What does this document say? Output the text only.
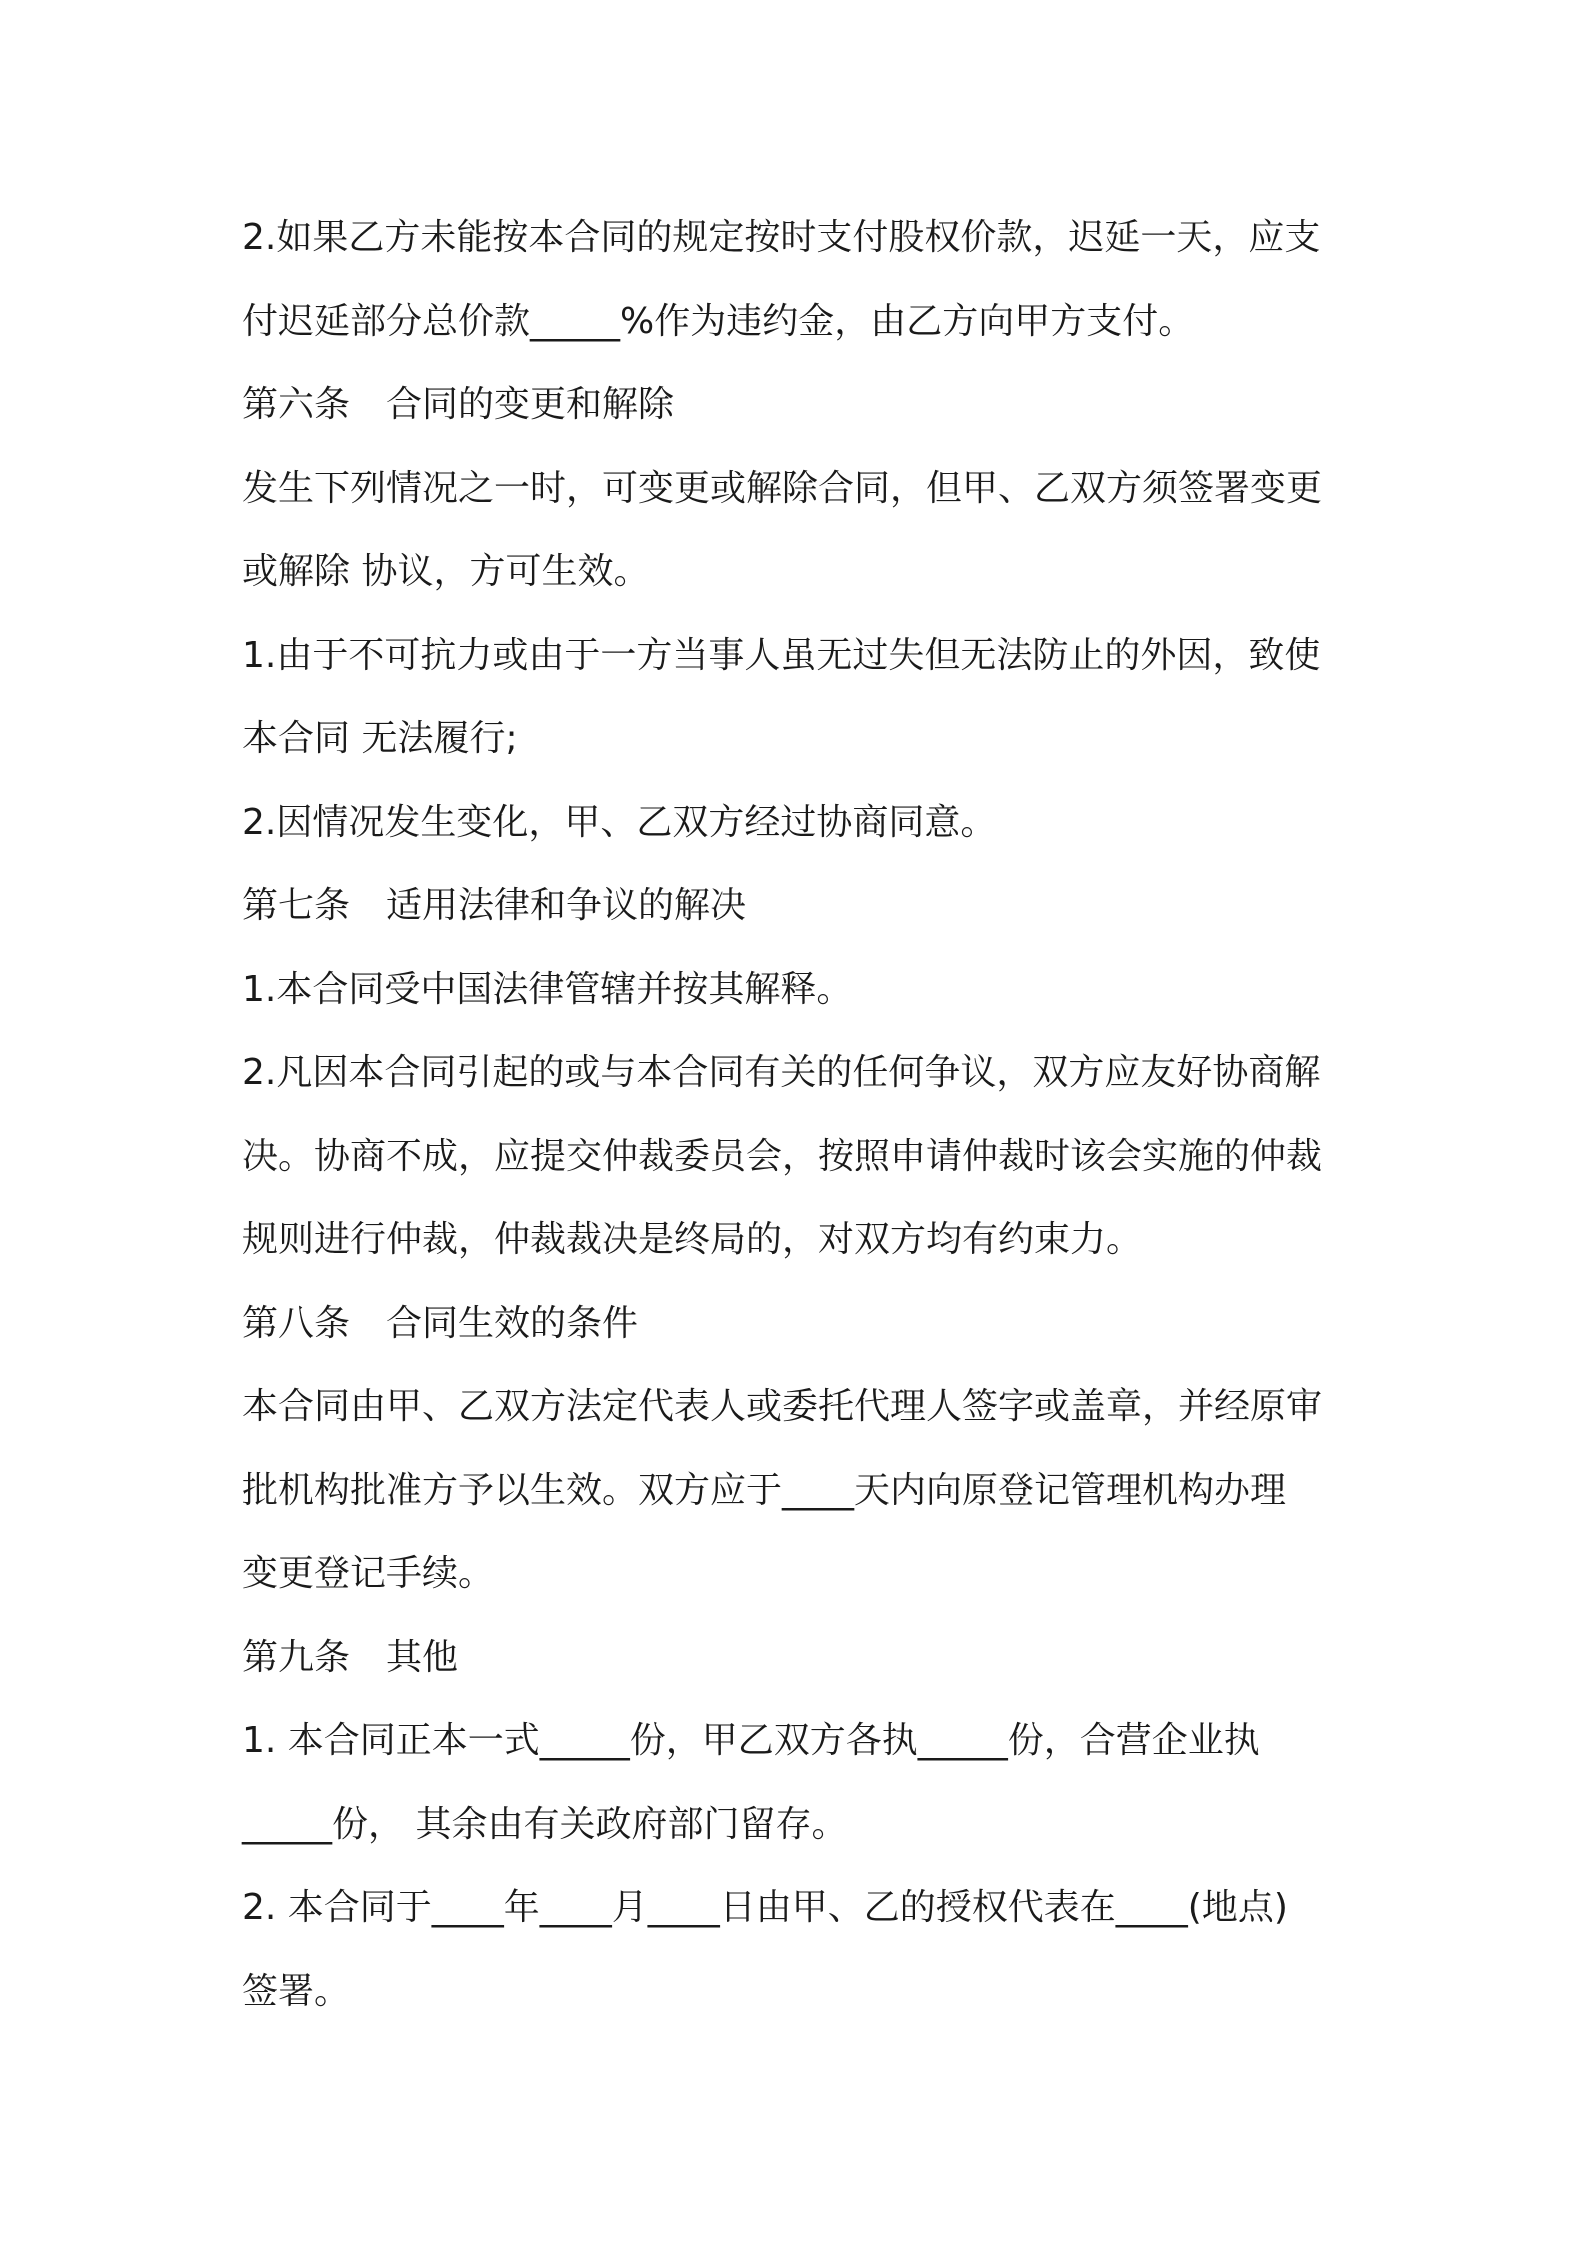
2.如果乙方未能按本合同的规定按时支付股权价款，迟延一天，应支
付迟延部分总价款_____%作为违约金，由乙方向甲方支付。
第六条　合同的变更和解除
发生下列情况之一时，可变更或解除合同，但甲、乙双方须签署变更
或解除 协议，方可生效。
1.由于不可抗力或由于一方当事人虽无过失但无法防止的外因，致使
本合同 无法履行;
2.因情况发生变化，甲、乙双方经过协商同意。
第七条　适用法律和争议的解决
1.本合同受中国法律管辖并按其解释。
2.凡因本合同引起的或与本合同有关的任何争议，双方应友好协商解
决。协商不成，应提交仲裁委员会，按照申请仲裁时该会实施的仲裁
规则进行仲裁，仲裁裁决是终局的，对双方均有约束力。
第八条　合同生效的条件
本合同由甲、乙双方法定代表人或委托代理人签字或盖章，并经原审
批机构批准方予以生效。双方应于____天内向原登记管理机构办理
变更登记手续。
第九条　其他
1. 本合同正本一式_____份，甲乙双方各执_____份，合营企业执
_____份， 其余由有关政府部门留存。
2. 本合同于____年____月____日由甲、乙的授权代表在____(地点)
签署。
